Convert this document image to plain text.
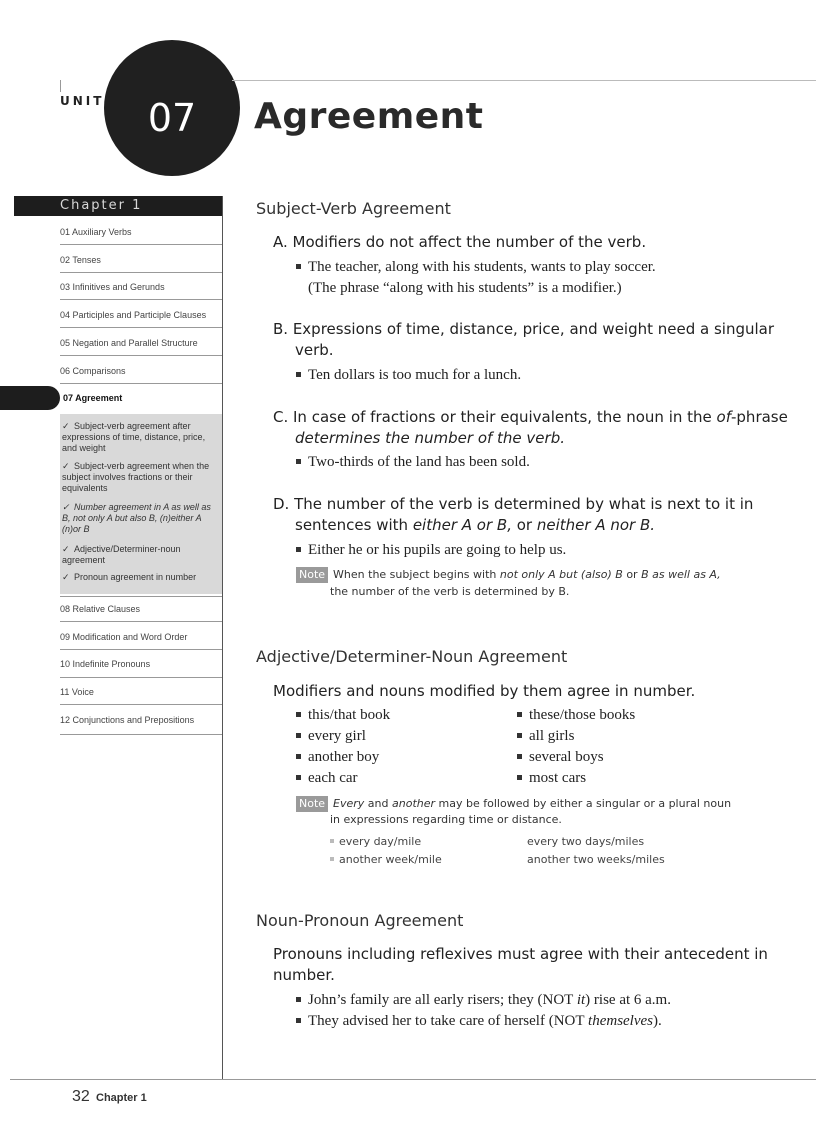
UNIT	07	Agreement
Chapter 1
01 Auxiliary Verbs
02 Tenses
03 Infinitives and Gerunds
04 Participles and Participle Clauses
05 Negation and Parallel Structure
06 Comparisons
07 Agreement
✓ Subject-verb agreement after expressions of time, distance, price, and weight
✓ Subject-verb agreement when the subject involves fractions or their equivalents
✓ Number agreement in A as well as B, not only A but also B, (n)either A (n)or B
✓ Adjective/Determiner-noun agreement
✓ Pronoun agreement in number
08 Relative Clauses
09 Modification and Word Order
10 Indefinite Pronouns
11 Voice
12 Conjunctions and Prepositions
Subject-Verb Agreement
A. Modifiers do not affect the number of the verb.
The teacher, along with his students, wants to play soccer.
(The phrase “along with his students” is a modifier.)
B. Expressions of time, distance, price, and weight need a singular
verb.
Ten dollars is too much for a lunch.
C. In case of fractions or their equivalents, the noun in the of-phrase
determines the number of the verb.
Two-thirds of the land has been sold.
D. The number of the verb is determined by what is next to it in
sentences with either A or B, or neither A nor B.
Either he or his pupils are going to help us.
Note When the subject begins with not only A but (also) B or B as well as A,
the number of the verb is determined by B.
Adjective/Determiner-Noun Agreement
Modifiers and nouns modified by them agree in number.
this/that book
every girl
another boy
each car
these/those books
all girls
several boys
most cars
Note Every and another may be followed by either a singular or a plural noun
in expressions regarding time or distance.
every day/mile
another week/mile
every two days/miles
another two weeks/miles
Noun-Pronoun Agreement
Pronouns including reflexives must agree with their antecedent in
number.
John’s family are all early risers; they (NOT it) rise at 6 a.m.
They advised her to take care of herself (NOT themselves).
32 Chapter 1
